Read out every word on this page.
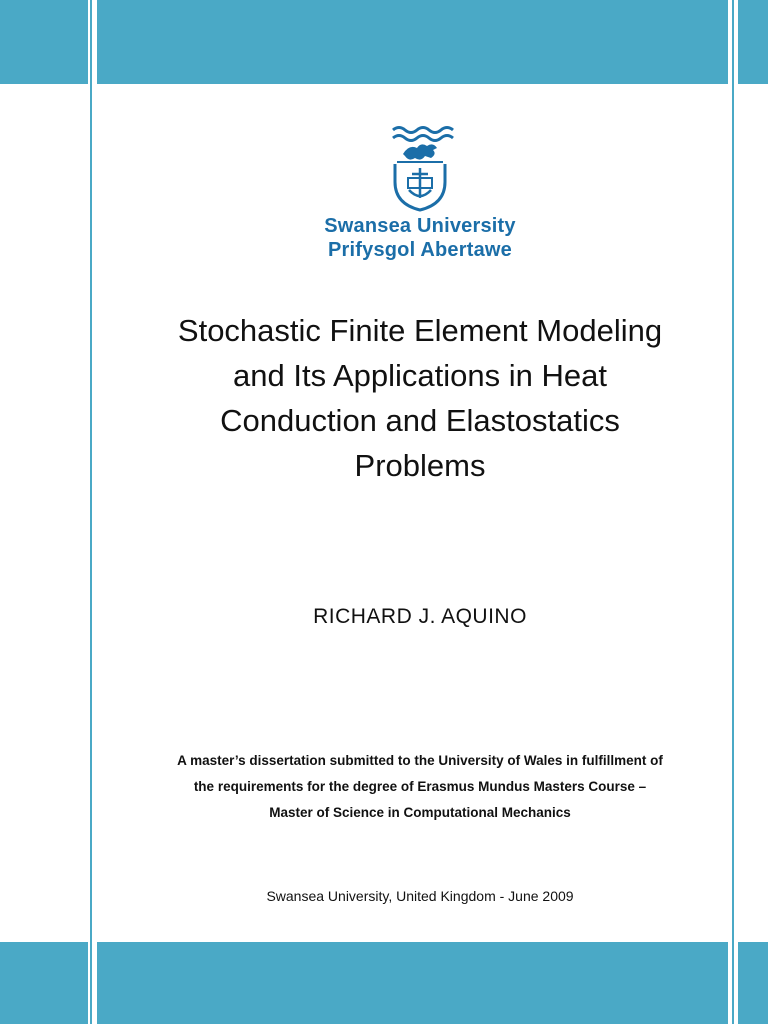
Swansea University
Prifysgol Abertawe
Stochastic Finite Element Modeling
and Its Applications in Heat
Conduction and Elastostatics
Problems
RICHARD J. AQUINO
A master’s dissertation submitted to the University of Wales in fulfillment of
the requirements for the degree of Erasmus Mundus Masters Course –
Master of Science in Computational Mechanics
Swansea University, United Kingdom - June 2009
